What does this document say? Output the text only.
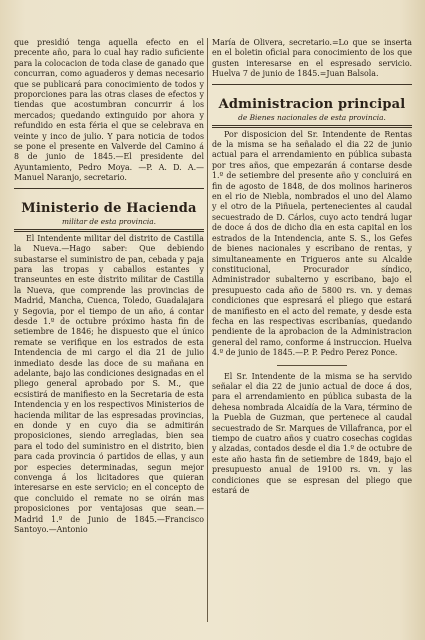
que presidió tenga aquella efecto en el precente año, para lo cual hay radio suficiente para la colocacion de toda clase de ganado que concurran, como aguaderos y demas necesario que se publicará para conocimiento de todos y proporciones para las otras clases de efectos y tiendas que acostumbran concurrir á los mercados; quedando extinguido por ahora y refundido en esta féria el que se celebrava en veinte y inco de julio. Y para noticia de todos se pone el presente en Valverde del Camino á 8 de junio de 1845.—El presidente del Ayuntamiento, Pedro Moya. —P. A. D. A.—Manuel Naranjo, secretario.

Ministerio de Hacienda
militar de esta provincia.

El Intendente militar del distrito de Castilla la Nueva.—Hago saber: Que debiendo subastarse el suministro de pan, cebada y paja para las tropas y caballos estantes y transeuntes en este distrito militar de Castilla la Nueva, que comprende las provincias de Madrid, Mancha, Cuenca, Toledo, Guadalajara y Segovia, por el tiempo de un año, á contar desde 1.º de octubre próximo hasta fin de setiembre de 1846; he dispuesto que el único remate se verifique en los estrados de esta Intendencia de mi cargo el dia 21 de julio inmediato desde las doce de su mañana en adelante, bajo las condiciones designadas en el pliego general aprobado por S. M., que ecsistirá de manifiesto en la Secretaria de esta Intendencia y en los respectivos Ministerios de hacienda militar de las espresadas provincias, en donde y en cuyo dia se admitirán proposiciones, siendo arregladas, bien sea para el todo del suministro en el distrito, bien para cada provincia ó partidos de ellas, y aun por especies determinadas, segun mejor convenga á los licitadores que quieran interesarse en este servicio; en el concepto de que concluido el remate no se oirán mas proposiciones por ventajosas que sean.—Madrid 1.º de Junio de 1845.—Francisco Santoyo.—Antonio

María de Olivera, secretario.=Lo que se inserta en el boletin oficial para conocimiento de los que gusten interesarse en el espresado servicio. Huelva 7 de junio de 1845.=Juan Balsola.

Administracion principal
de Bienes nacionales de esta provincia.

Por disposicion del Sr. Intendente de Rentas de la misma se ha señalado el dia 22 de junio actual para el arrendamiento en pública subasta por tres años, que empezarán á contarse desde 1.º de setiembre del presente año y concluirá en fin de agosto de 1848, de dos molinos harineros en el rio de Niebla, nombrados el uno del Alamo y el otro de la Piñuela, pertenecientes al caudal secuestrado de D. Cárlos, cuyo acto tendrá lugar de doce á dos de dicho dia en esta capital en los estrados de la Intendencia, ante S. S., los Gefes de bienes nacionales y escribano de rentas, y simultaneamente en Trigueros ante su Alcalde constitucional, Procurador síndico, Administrador subalterno y escribano, bajo el presupuesto cada año de 5800 rs. vn. y demas condiciones que espresará el pliego que estará de manifiesto en el acto del remate, y desde esta fecha en las respectivas escribanías, quedando pendiente de la aprobacion de la Administracion general del ramo, conforme á instruccion. Huelva 4.º de junio de 1845.—P. P. Pedro Perez Ponce.

El Sr. Intendente de la misma se ha servido señalar el dia 22 de junio actual de doce á dos, para el arrendamiento en pública subasta de la dehesa nombrada Alcaidía de la Vara, término de la Puebla de Guzman, que pertenece al caudal secuestrado de Sr. Marques de Villafranca, por el tiempo de cuatro años y cuatro cosechas cogidas y alzadas, contados desde el dia 1.º de octubre de este año hasta fin de setiembre de 1849, bajo el presupuesto anual de 19100 rs. vn. y las condiciones que se espresan del pliego que estará de
